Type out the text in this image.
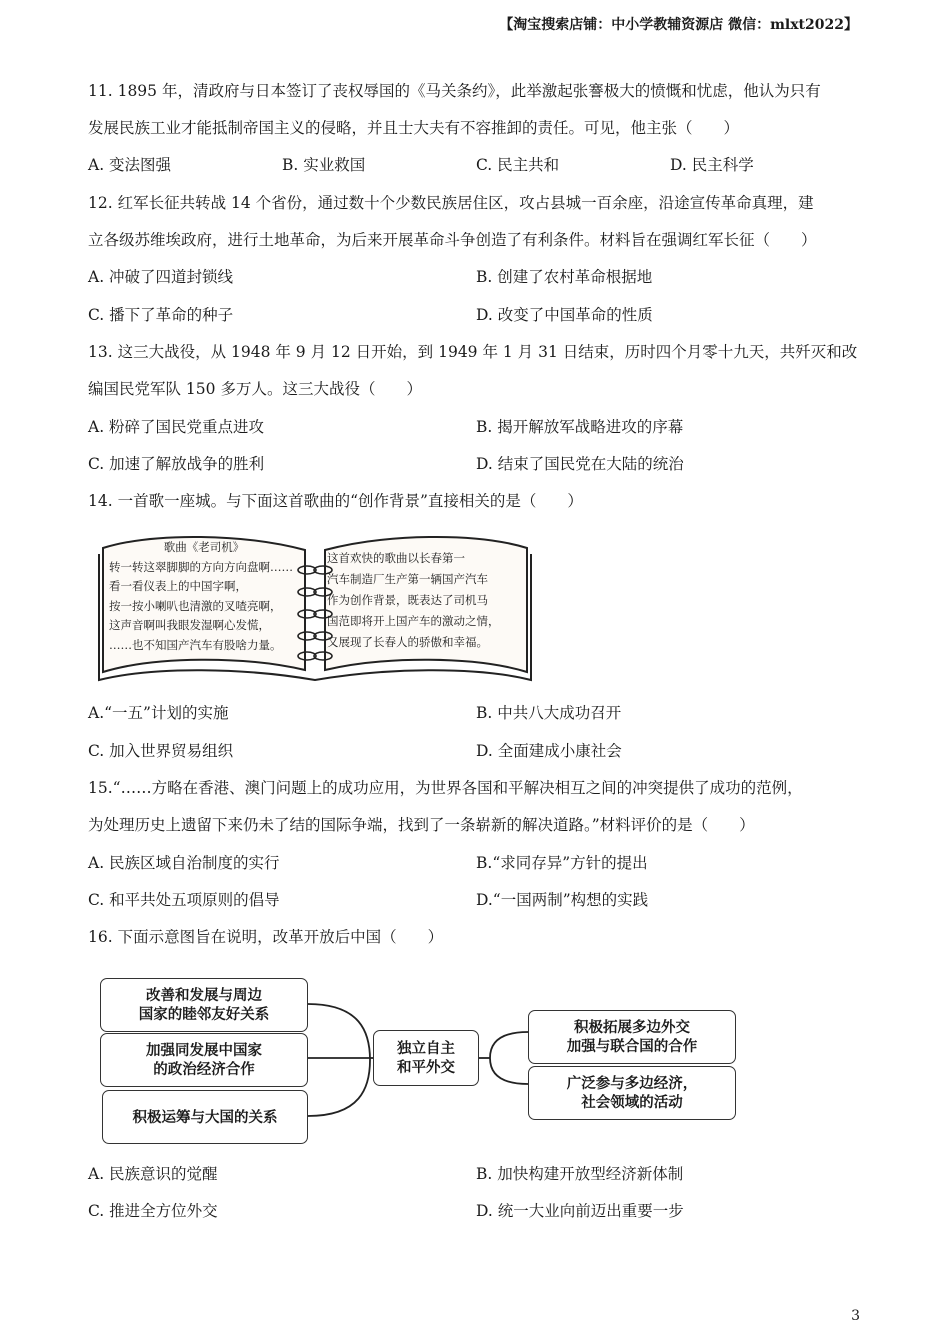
【淘宝搜索店铺：中小学教辅资源店 微信：mlxt2022】
11. 1895 年，清政府与日本签订了丧权辱国的《马关条约》，此举激起张謇极大的愤慨和忧虑，他认为只有
发展民族工业才能抵制帝国主义的侵略，并且士大夫有不容推卸的责任。可见，他主张（　　）
A. 变法图强	B. 实业救国	C. 民主共和	D. 民主科学
12. 红军长征共转战 14 个省份，通过数十个少数民族居住区，攻占县城一百余座，沿途宣传革命真理，建
立各级苏维埃政府，进行土地革命，为后来开展革命斗争创造了有利条件。材料旨在强调红军长征（　　）
A. 冲破了四道封锁线	B. 创建了农村革命根据地
C. 播下了革命的种子	D. 改变了中国革命的性质
13. 这三大战役，从 1948 年 9 月 12 日开始，到 1949 年 1 月 31 日结束，历时四个月零十九天，共歼灭和改
编国民党军队 150 多万人。这三大战役（　　）
A. 粉碎了国民党重点进攻	B. 揭开解放军战略进攻的序幕
C. 加速了解放战争的胜利	D. 结束了国民党在大陆的统治
14. 一首歌一座城。与下面这首歌曲的“创作背景”直接相关的是（　　）
歌曲《老司机》
转一转这翠脚脚的方向方向盘啊……
看一看仪表上的中国字啊，
按一按小喇叭也清激的叉喳亮啊，
这声音啊叫我眼发湿啊心发慌，
……也不知国产汽车有股啥力量。
这首欢快的歌曲以长春第一
汽车制造厂生产第一辆国产汽车
作为创作背景，既表达了司机马
国范即将开上国产车的激动之情，
又展现了长春人的骄傲和幸福。
A.“一五”计划的实施	B. 中共八大成功召开
C. 加入世界贸易组织	D. 全面建成小康社会
15.“……方略在香港、澳门问题上的成功应用，为世界各国和平解决相互之间的冲突提供了成功的范例，
为处理历史上遗留下来仍未了结的国际争端，找到了一条崭新的解决道路。”材料评价的是（　　）
A. 民族区域自治制度的实行	B.“求同存异”方针的提出
C. 和平共处五项原则的倡导	D.“一国两制”构想的实践
16. 下面示意图旨在说明，改革开放后中国（　　）
改善和发展与周边
国家的睦邻友好关系
加强同发展中国家
的政治经济合作
积极运筹与大国的关系
独立自主
和平外交
积极拓展多边外交
加强与联合国的合作
广泛参与多边经济，
社会领域的活动
A. 民族意识的觉醒	B. 加快构建开放型经济新体制
C. 推进全方位外交	D. 统一大业向前迈出重要一步
3
